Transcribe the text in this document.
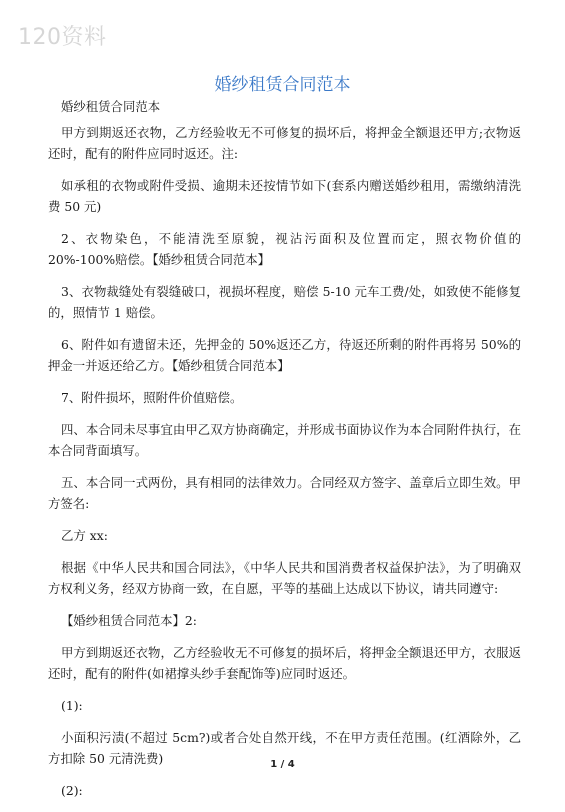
120资料
婚纱租赁合同范本

婚纱租赁合同范本

甲方到期返还衣物，乙方经验收无不可修复的损坏后，将押金全额退还甲方;衣物返还时，配有的附件应同时返还。注:

如承租的衣物或附件受损、逾期未还按情节如下(套系内赠送婚纱租用，需缴纳清洗费 50 元)

2、衣物染色，不能清洗至原貌，视沾污面积及位置而定，照衣物价值的 20%-100%赔偿。【婚纱租赁合同范本】

3、衣物裁缝处有裂缝破口，视损坏程度，赔偿 5-10 元车工费/处，如致使不能修复的，照情节 1 赔偿。

6、附件如有遗留未还，先押金的 50%返还乙方，待返还所剩的附件再将另 50%的押金一并返还给乙方。【婚纱租赁合同范本】

7、附件损坏，照附件价值赔偿。

四、本合同未尽事宜由甲乙双方协商确定，并形成书面协议作为本合同附件执行，在本合同背面填写。

五、本合同一式两份，具有相同的法律效力。合同经双方签字、盖章后立即生效。甲方签名:

乙方 xx:

根据《中华人民共和国合同法》，《中华人民共和国消费者权益保护法》，为了明确双方权利义务，经双方协商一致，在自愿，平等的基础上达成以下协议，请共同遵守:

【婚纱租赁合同范本】2:

甲方到期返还衣物，乙方经验收无不可修复的损坏后，将押金全额退还甲方，衣服返还时，配有的附件(如裙撑头纱手套配饰等)应同时返还。

(1):

小面积污渍(不超过 5cm?)或者合处自然开线，不在甲方责任范围。(红酒除外，乙方扣除 50 元清洗费)

(2):

1 / 4
